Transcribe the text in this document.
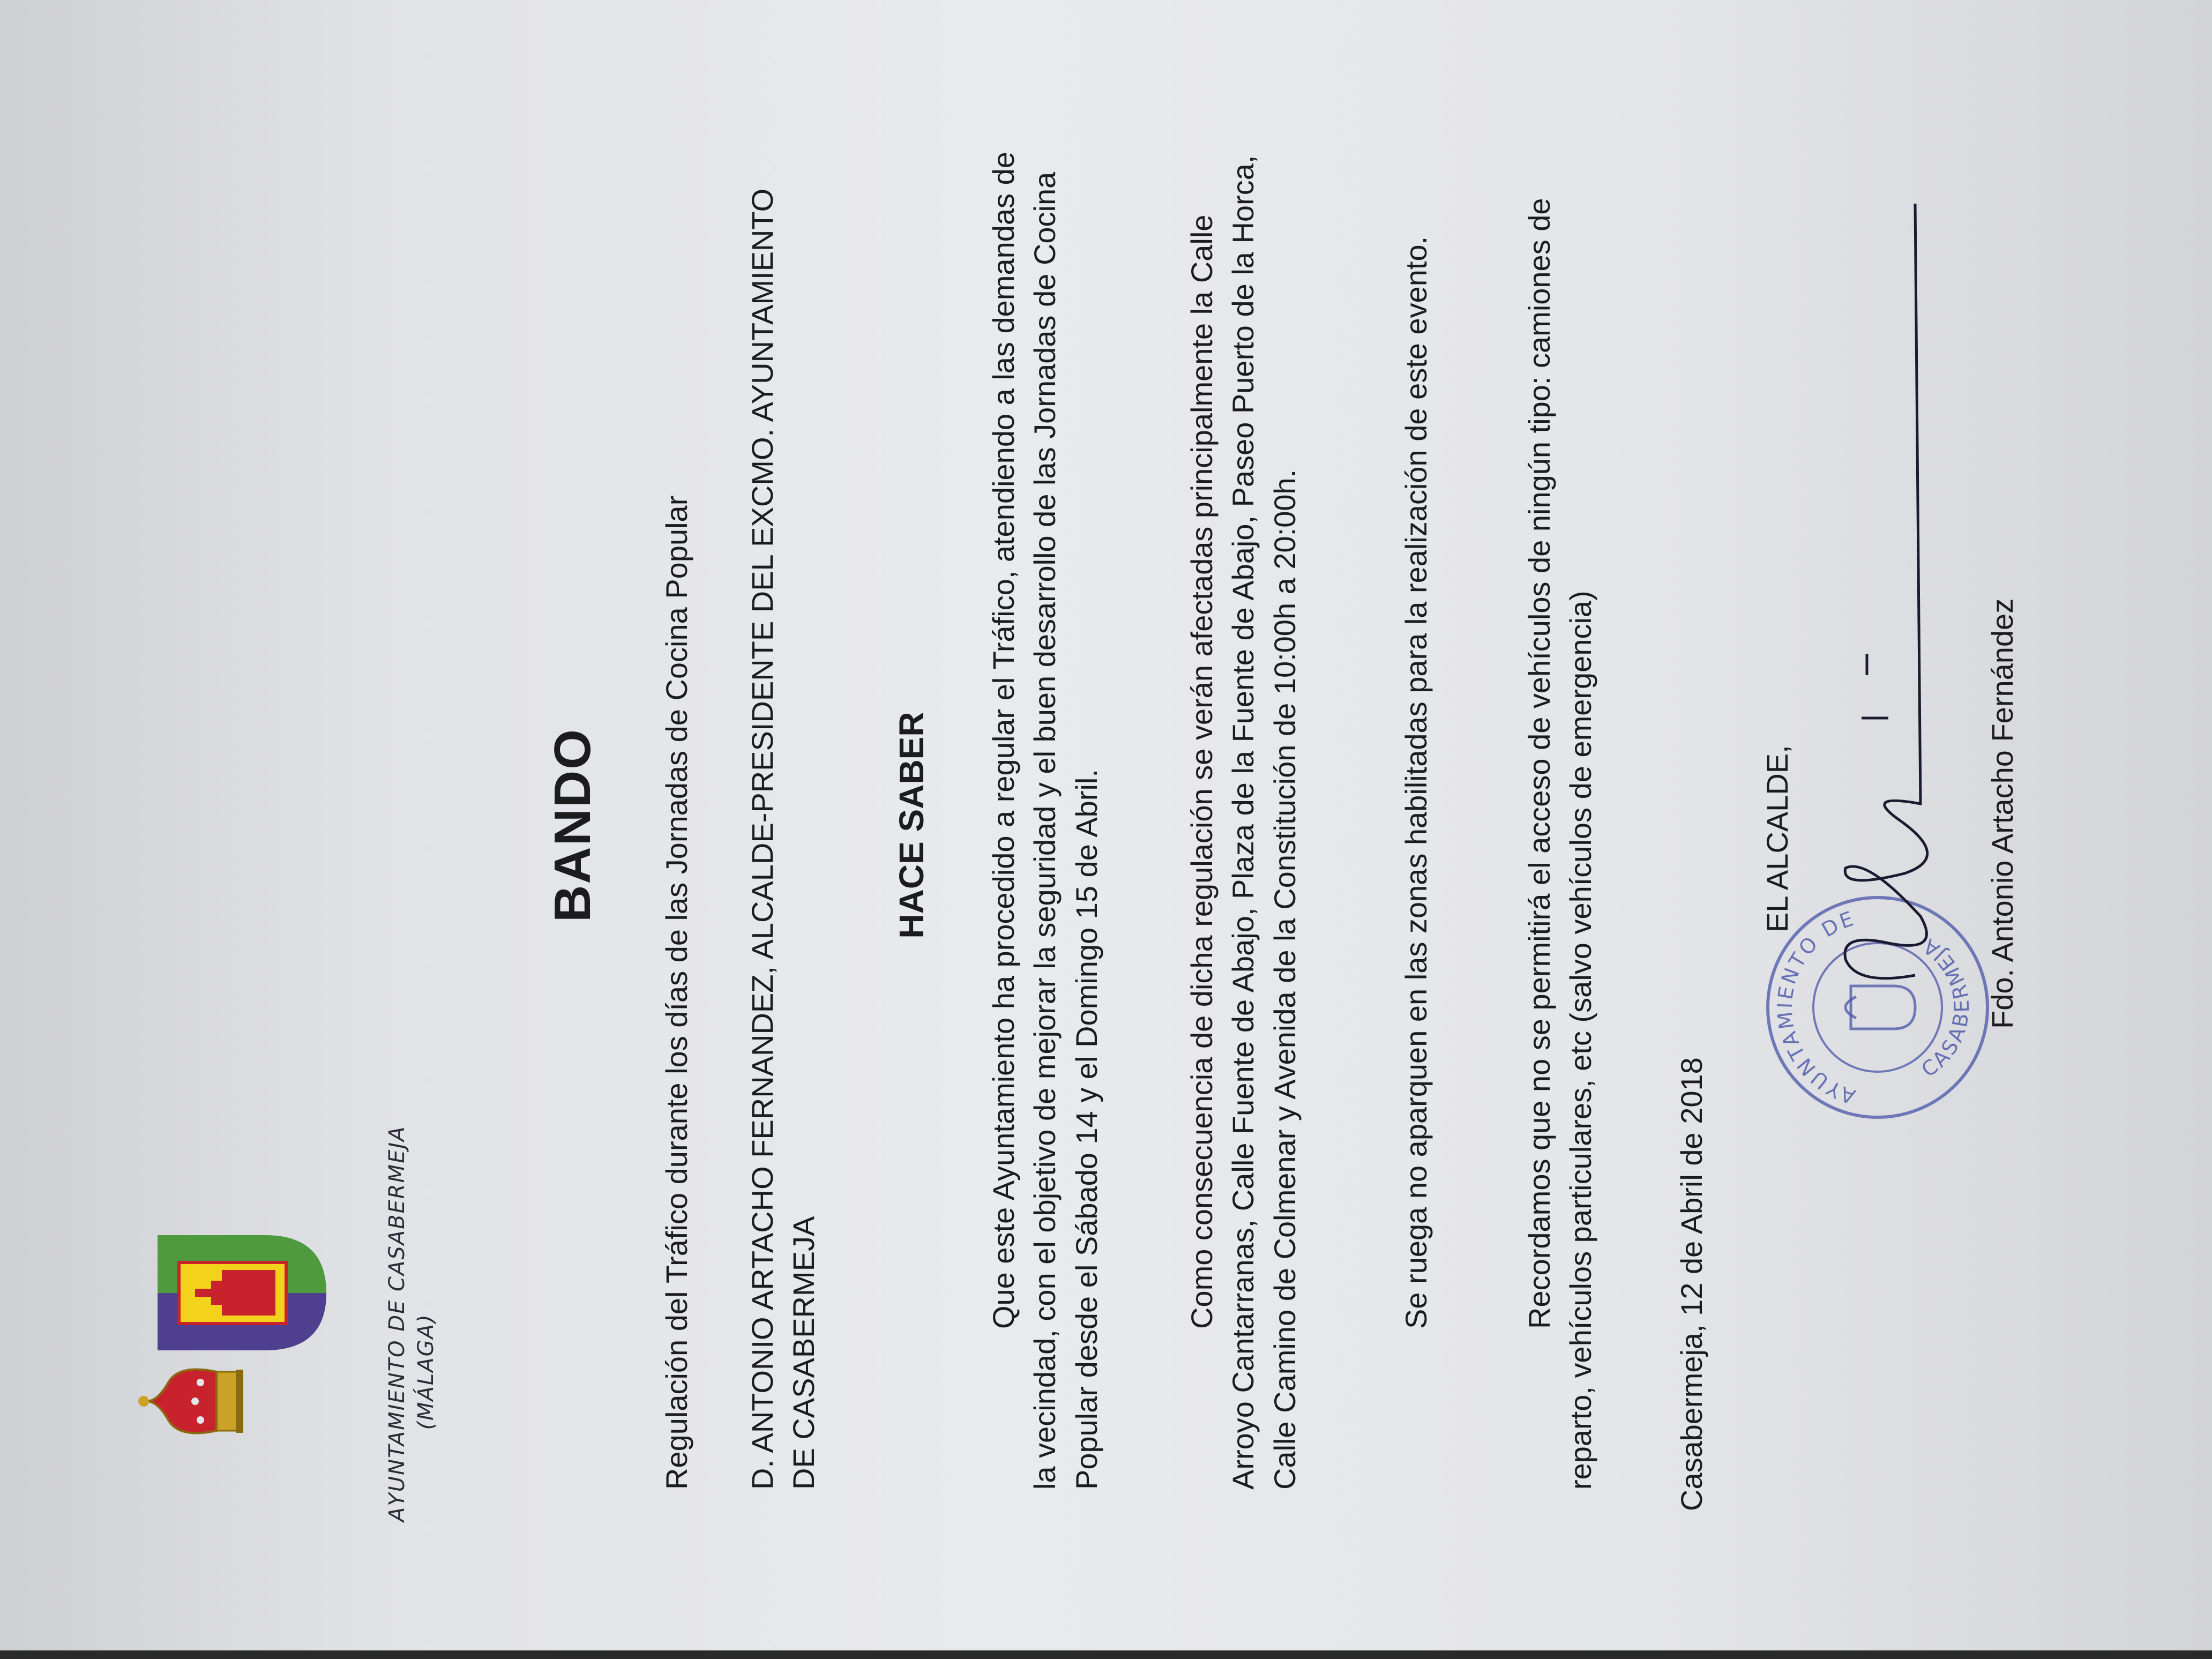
AYUNTAMIENTO DE CASABERMEJA (MÁLAGA)
BANDO Regulación del Tráfico durante los días de las Jornadas de Cocina Popular D. ANTONIO ARTACHO FERNANDEZ, ALCALDE-PRESIDENTE DEL EXCMO. AYUNTAMIENTO DE CASABERMEJA
HACE SABER Que este Ayuntamiento ha procedido a regular el Tráfico, atendiendo a las demandas de la vecindad, con el objetivo de mejorar la seguridad y el buen desarrollo de las Jornadas de Cocina Popular desde el Sábado 14 y el Domingo 15 de Abril.	Como consecuencia de dicha regulación se verán afectadas principalmente la Calle Arroyo Cantarranas, Calle Fuente de Abajo, Plaza de la Fuente de Abajo, Paseo Puerto de la Horca, Calle Camino de Colmenar y Avenida de la Constitución de 10:00h a 20:00h.	Se ruega no aparquen en las zonas habilitadas para la realización de este evento.	Recordamos que no se permitirá el acceso de vehículos de ningún tipo: camiones de reparto, vehículos particulares, etc (salvo vehículos de emergencia)	Casabermeja, 12 de Abril de 2018	AYUNTAMIENTO DE
CASABERMEJA
EL ALCALDE,	Fdo. Antonio Artacho Fernández
